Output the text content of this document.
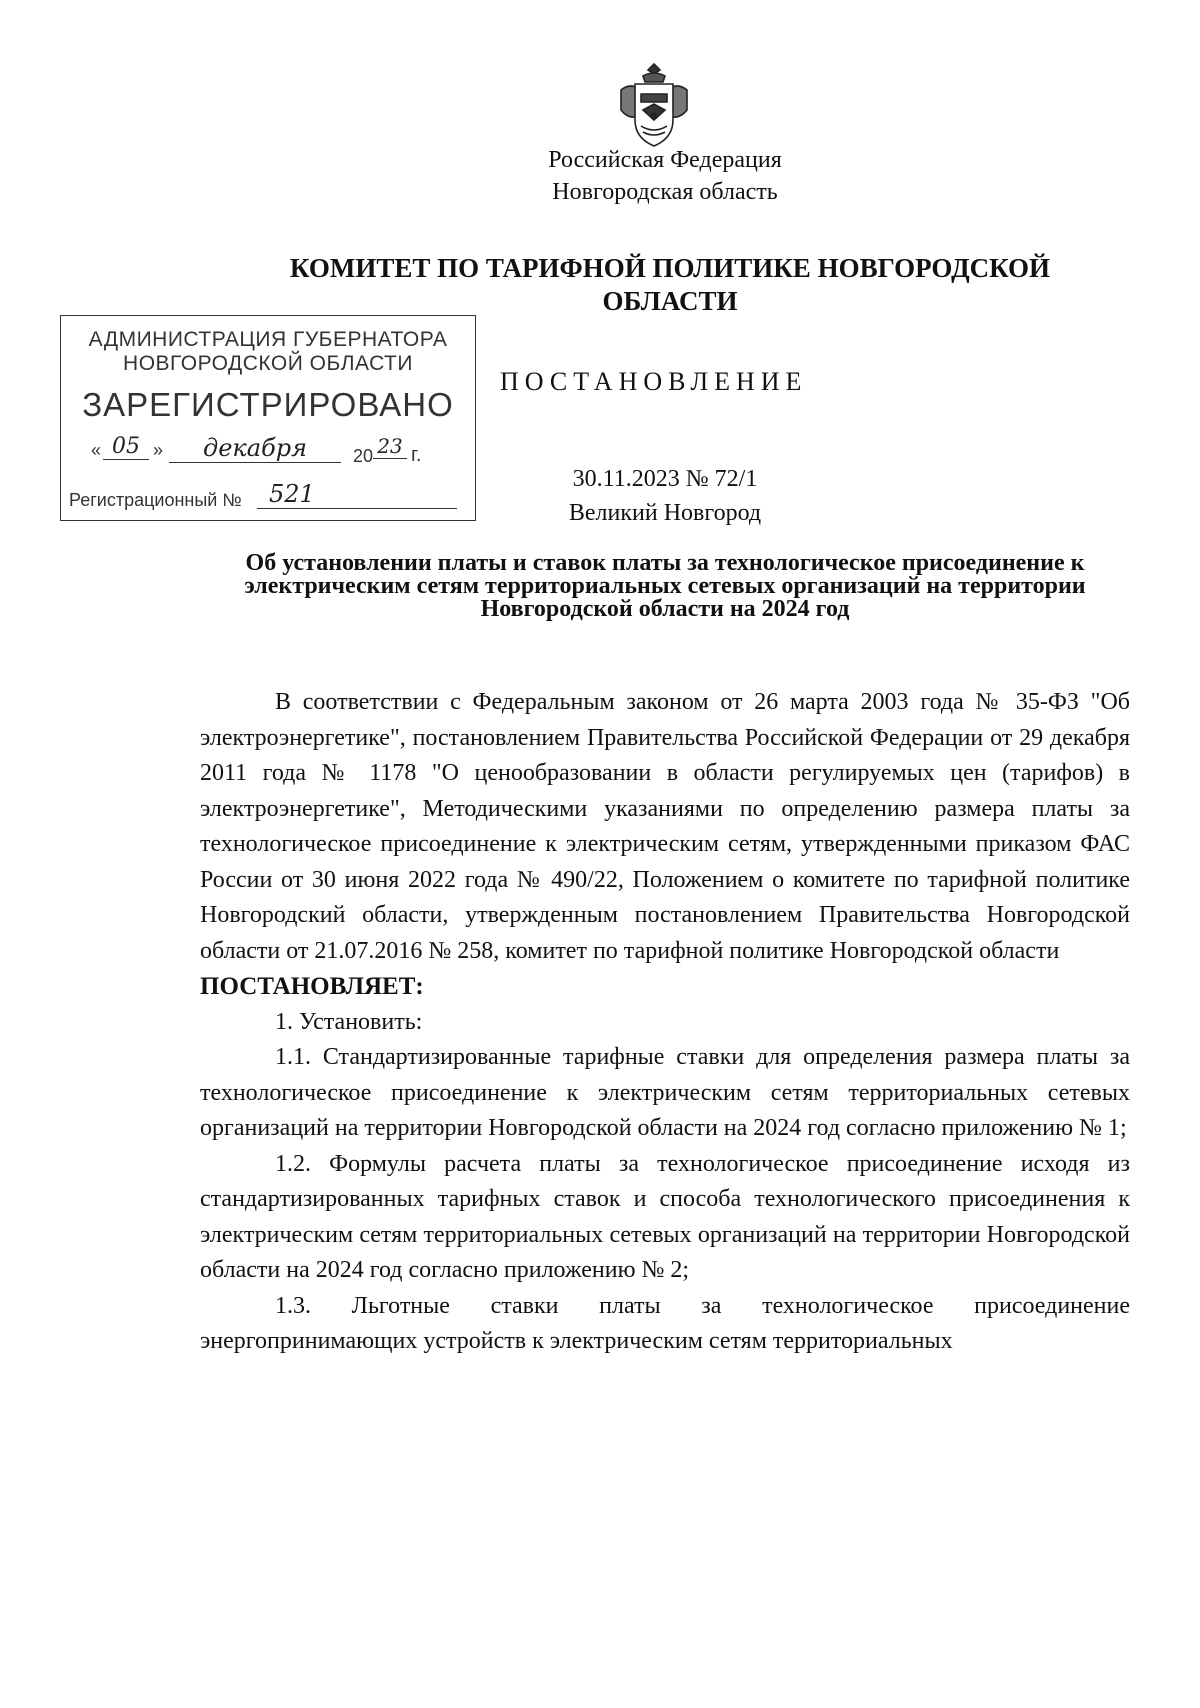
Российская Федерация
Новгородская область
КОМИТЕТ ПО ТАРИФНОЙ ПОЛИТИКЕ НОВГОРОДСКОЙ ОБЛАСТИ
АДМИНИСТРАЦИЯ ГУБЕРНАТОРА
НОВГОРОДСКОЙ ОБЛАСТИ
ЗАРЕГИСТРИРОВАНО
« 05 »	декабря	20 23 г.
Регистрационный №	521
ПОСТАНОВЛЕНИЕ
30.11.2023 № 72/1
Великий Новгород
Об установлении платы и ставок платы за технологическое присоединение к электрическим сетям территориальных сетевых организаций на территории Новгородской области на 2024 год

В соответствии с Федеральным законом от 26 марта 2003 года № 35-ФЗ "Об электроэнергетике", постановлением Правительства Российской Федерации от 29 декабря 2011 года № 1178 "О ценообразовании в области регулируемых цен (тарифов) в электроэнергетике", Методическими указаниями по определению размера платы за технологическое присоединение к электрическим сетям, утвержденными приказом ФАС России от 30 июня 2022 года № 490/22, Положением о комитете по тарифной политике Новгородский области, утвержденным постановлением Правительства Новгородской области от 21.07.2016 № 258, комитет по тарифной политике Новгородской области

ПОСТАНОВЛЯЕТ:

1. Установить:

1.1. Стандартизированные тарифные ставки для определения размера платы за технологическое присоединение к электрическим сетям территориальных сетевых организаций на территории Новгородской области на 2024 год согласно приложению № 1;

1.2. Формулы расчета платы за технологическое присоединение исходя из стандартизированных тарифных ставок и способа технологического присоединения к электрическим сетям территориальных сетевых организаций на территории Новгородской области на 2024 год согласно приложению № 2;

1.3. Льготные ставки платы за технологическое присоединение энергопринимающих устройств к электрическим сетям территориальных
